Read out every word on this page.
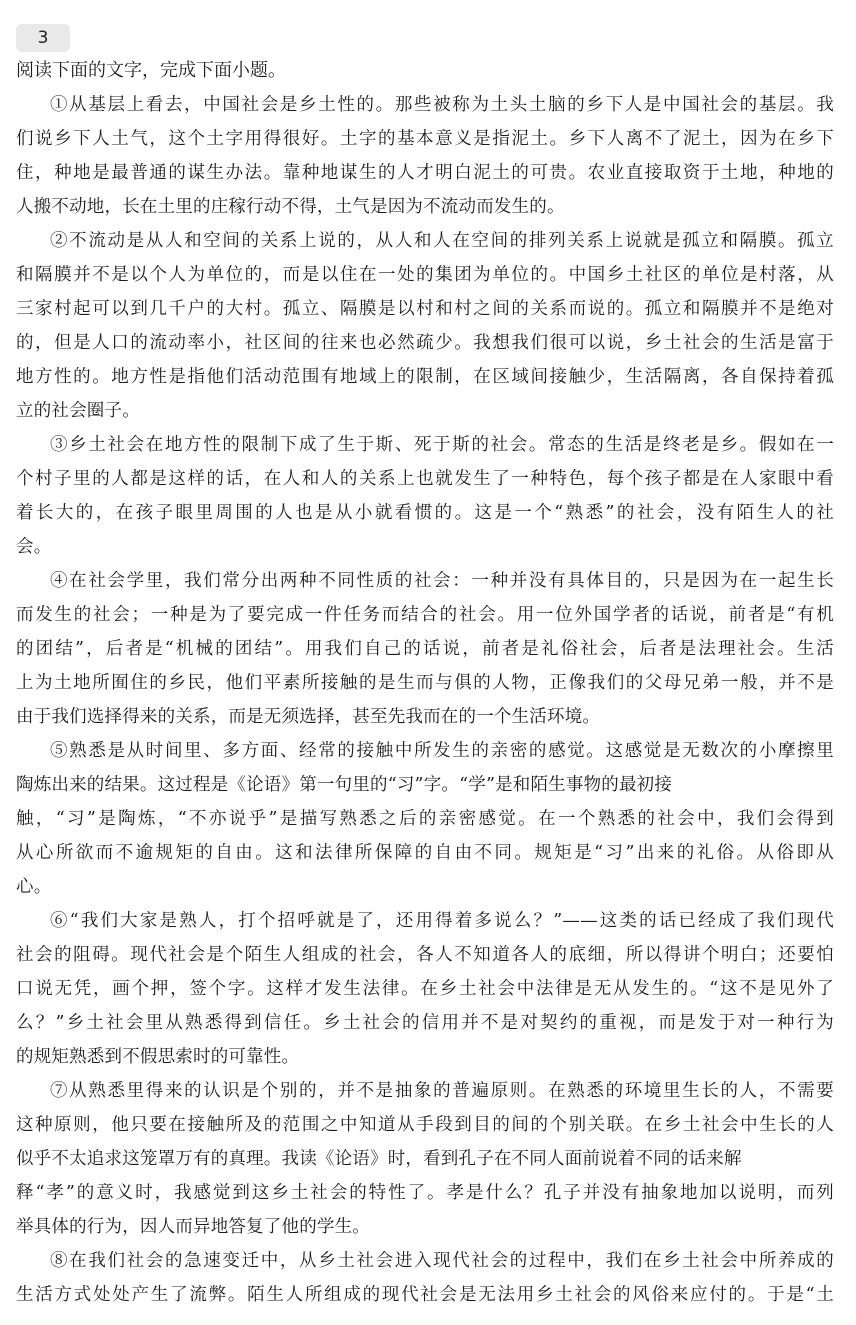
3
阅读下面的文字，完成下面小题。
①从基层上看去，中国社会是乡土性的。那些被称为土头土脑的乡下人是中国社会的基层。我
们说乡下人土气，这个土字用得很好。土字的基本意义是指泥土。乡下人离不了泥土，因为在乡下
住，种地是最普通的谋生办法。靠种地谋生的人才明白泥土的可贵。农业直接取资于土地，种地的
人搬不动地，长在土里的庄稼行动不得，土气是因为不流动而发生的。
②不流动是从人和空间的关系上说的，从人和人在空间的排列关系上说就是孤立和隔膜。孤立
和隔膜并不是以个人为单位的，而是以住在一处的集团为单位的。中国乡土社区的单位是村落，从
三家村起可以到几千户的大村。孤立、隔膜是以村和村之间的关系而说的。孤立和隔膜并不是绝对
的，但是人口的流动率小，社区间的往来也必然疏少。我想我们很可以说，乡土社会的生活是富于
地方性的。地方性是指他们活动范围有地域上的限制，在区域间接触少，生活隔离，各自保持着孤
立的社会圈子。
③乡土社会在地方性的限制下成了生于斯、死于斯的社会。常态的生活是终老是乡。假如在一
个村子里的人都是这样的话，在人和人的关系上也就发生了一种特色，每个孩子都是在人家眼中看
着长大的，在孩子眼里周围的人也是从小就看惯的。这是一个“熟悉”的社会，没有陌生人的社
会。
④在社会学里，我们常分出两种不同性质的社会：一种并没有具体目的，只是因为在一起生长
而发生的社会；一种是为了要完成一件任务而结合的社会。用一位外国学者的话说，前者是“有机
的团结”，后者是“机械的团结”。用我们自己的话说，前者是礼俗社会，后者是法理社会。生活
上为土地所囿住的乡民，他们平素所接触的是生而与俱的人物，正像我们的父母兄弟一般，并不是
由于我们选择得来的关系，而是无须选择，甚至先我而在的一个生活环境。
⑤熟悉是从时间里、多方面、经常的接触中所发生的亲密的感觉。这感觉是无数次的小摩擦里
陶炼出来的结果。这过程是《论语》第一句里的“习”字。“学”是和陌生事物的最初接
触，“习”是陶炼，“不亦说乎”是描写熟悉之后的亲密感觉。在一个熟悉的社会中，我们会得到
从心所欲而不逾规矩的自由。这和法律所保障的自由不同。规矩是“习”出来的礼俗。从俗即从
心。
⑥“我们大家是熟人，打个招呼就是了，还用得着多说么？”——这类的话已经成了我们现代
社会的阻碍。现代社会是个陌生人组成的社会，各人不知道各人的底细，所以得讲个明白；还要怕
口说无凭，画个押，签个字。这样才发生法律。在乡土社会中法律是无从发生的。“这不是见外了
么？”乡土社会里从熟悉得到信任。乡土社会的信用并不是对契约的重视，而是发于对一种行为
的规矩熟悉到不假思索时的可靠性。
⑦从熟悉里得来的认识是个别的，并不是抽象的普遍原则。在熟悉的环境里生长的人，不需要
这种原则，他只要在接触所及的范围之中知道从手段到目的间的个别关联。在乡土社会中生长的人
似乎不太追求这笼罩万有的真理。我读《论语》时，看到孔子在不同人面前说着不同的话来解
释“孝”的意义时，我感觉到这乡土社会的特性了。孝是什么？孔子并没有抽象地加以说明，而列
举具体的行为，因人而异地答复了他的学生。
⑧在我们社会的急速变迁中，从乡土社会进入现代社会的过程中，我们在乡土社会中所养成的
生活方式处处产生了流弊。陌生人所组成的现代社会是无法用乡土社会的风俗来应付的。于是“土
